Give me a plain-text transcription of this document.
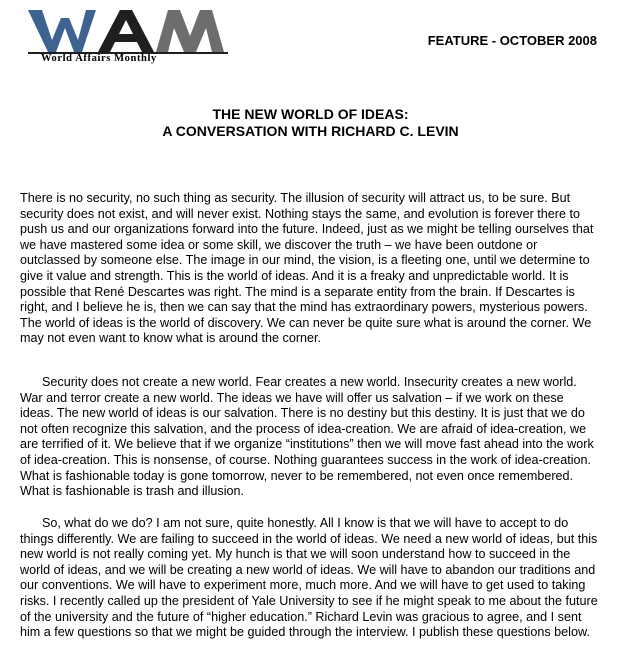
World Affairs Monthly
FEATURE - OCTOBER 2008
THE NEW WORLD OF IDEAS:
A CONVERSATION WITH RICHARD C. LEVIN

There is no security, no such thing as security. The illusion of security will attract us, to be sure. But security does not exist, and will never exist. Nothing stays the same, and evolution is forever there to push us and our organizations forward into the future. Indeed, just as we might be telling ourselves that we have mastered some idea or some skill, we discover the truth – we have been outdone or outclassed by someone else. The image in our mind, the vision, is a fleeting one, until we determine to give it value and strength. This is the world of ideas. And it is a freaky and unpredictable world. It is possible that René Descartes was right. The mind is a separate entity from the brain. If Descartes is right, and I believe he is, then we can say that the mind has extraordinary powers, mysterious powers. The world of ideas is the world of discovery. We can never be quite sure what is around the corner. We may not even want to know what is around the corner.

Security does not create a new world. Fear creates a new world. Insecurity creates a new world. War and terror create a new world. The ideas we have will offer us salvation – if we work on these ideas. The new world of ideas is our salvation. There is no destiny but this destiny. It is just that we do not often recognize this salvation, and the process of idea-creation. We are afraid of idea-creation, we are terrified of it. We believe that if we organize “institutions” then we will move fast ahead into the work of idea-creation. This is nonsense, of course. Nothing guarantees success in the work of idea-creation. What is fashionable today is gone tomorrow, never to be remembered, not even once remembered. What is fashionable is trash and illusion.

So, what do we do? I am not sure, quite honestly. All I know is that we will have to accept to do things differently. We are failing to succeed in the world of ideas. We need a new world of ideas, but this new world is not really coming yet. My hunch is that we will soon understand how to succeed in the world of ideas, and we will be creating a new world of ideas. We will have to abandon our traditions and our conventions. We will have to experiment more, much more. And we will have to get used to taking risks. I recently called up the president of Yale University to see if he might speak to me about the future of the university and the future of “higher education.” Richard Levin was gracious to agree, and I sent him a few questions so that we might be guided through the interview. I publish these questions below.
